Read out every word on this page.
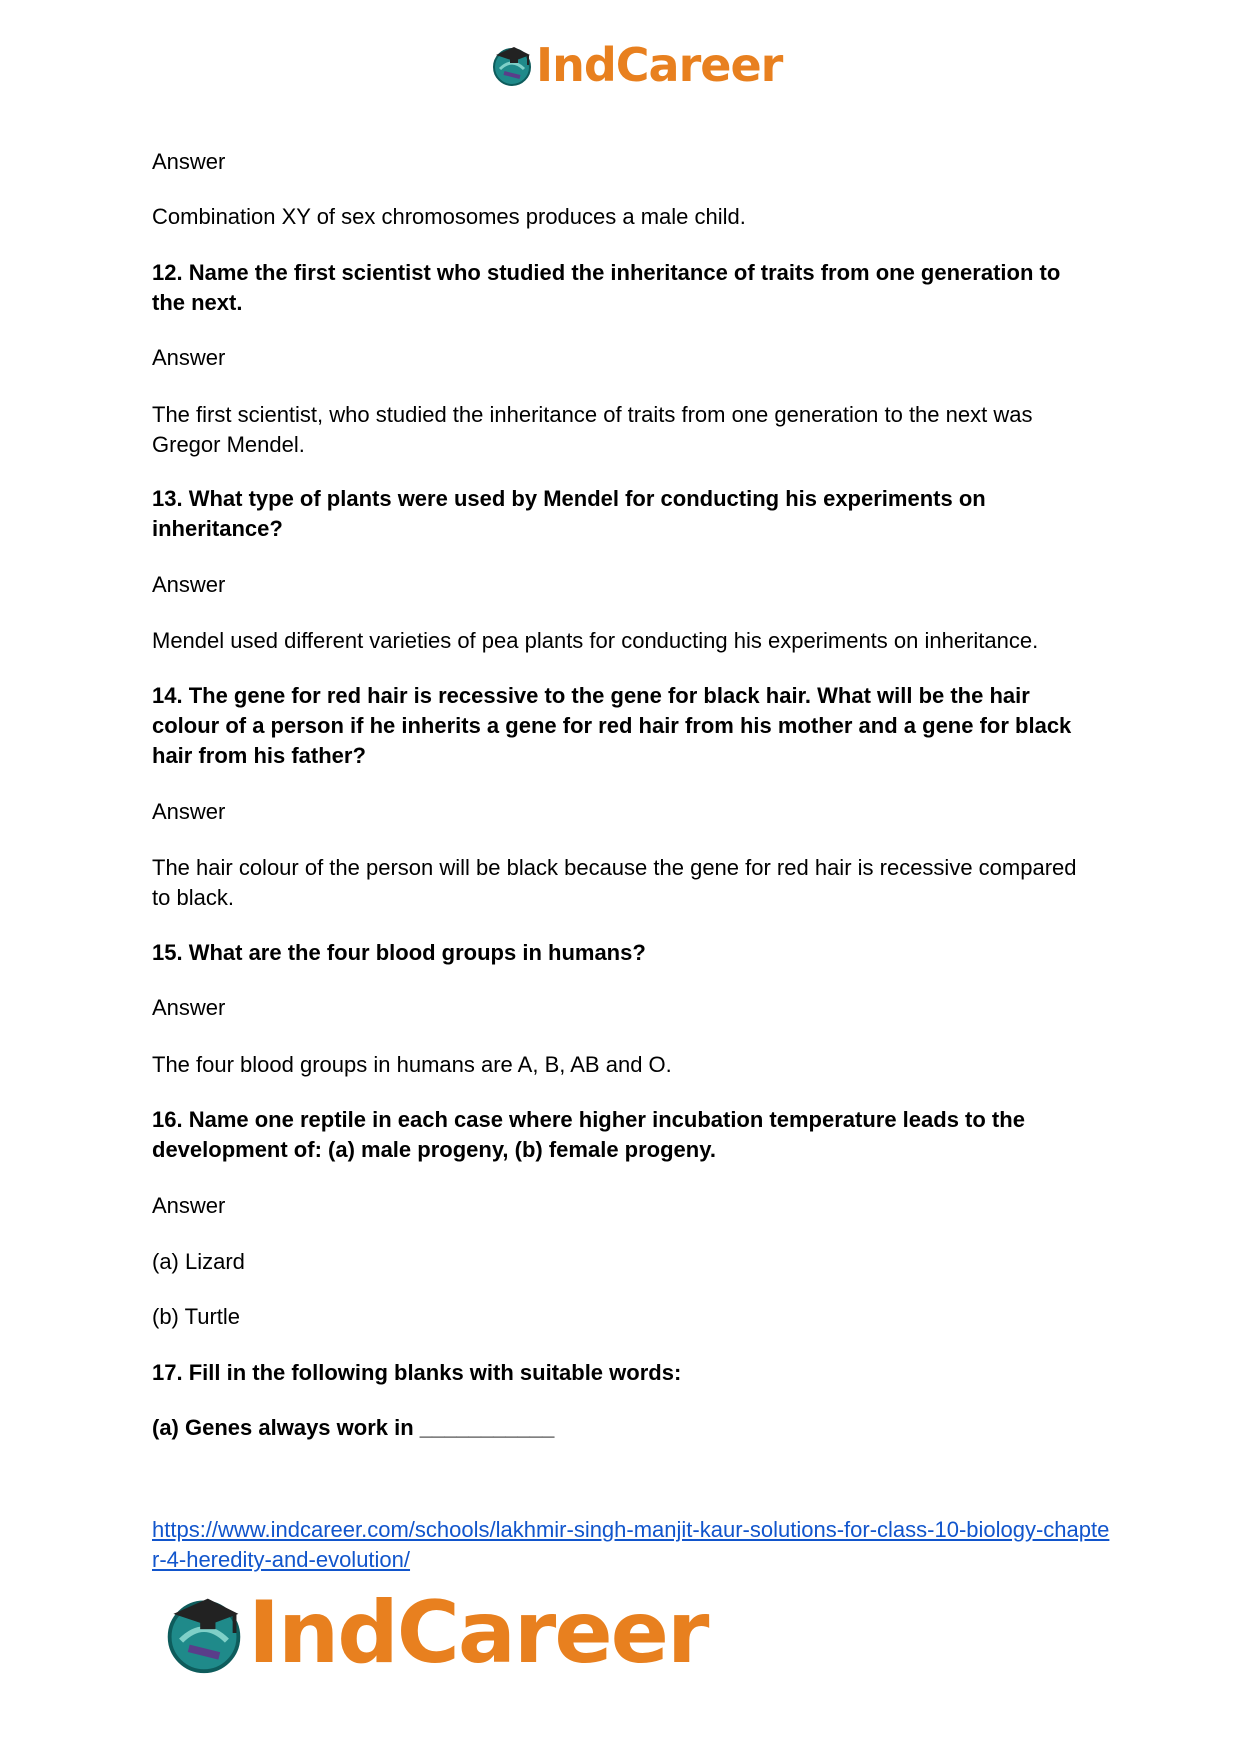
IndCareer

Answer

Combination XY of sex chromosomes produces a male child.

12. Name the first scientist who studied the inheritance of traits from one generation to the next.

Answer

The first scientist, who studied the inheritance of traits from one generation to the next was Gregor Mendel.

13. What type of plants were used by Mendel for conducting his experiments on inheritance?

Answer

Mendel used different varieties of pea plants for conducting his experiments on inheritance.

14. The gene for red hair is recessive to the gene for black hair. What will be the hair colour of a person if he inherits a gene for red hair from his mother and a gene for black hair from his father?

Answer

The hair colour of the person will be black because the gene for red hair is recessive compared to black.

15. What are the four blood groups in humans?

Answer

The four blood groups in humans are A, B, AB and O.

16. Name one reptile in each case where higher incubation temperature leads to the development of: (a) male progeny, (b) female progeny.

Answer

(a) Lizard

(b) Turtle

17. Fill in the following blanks with suitable words:

(a) Genes always work in ___________

https://www.indcareer.com/schools/lakhmir-singh-manjit-kaur-solutions-for-class-10-biology-chapter-4-heredity-and-evolution/
IndCareer
